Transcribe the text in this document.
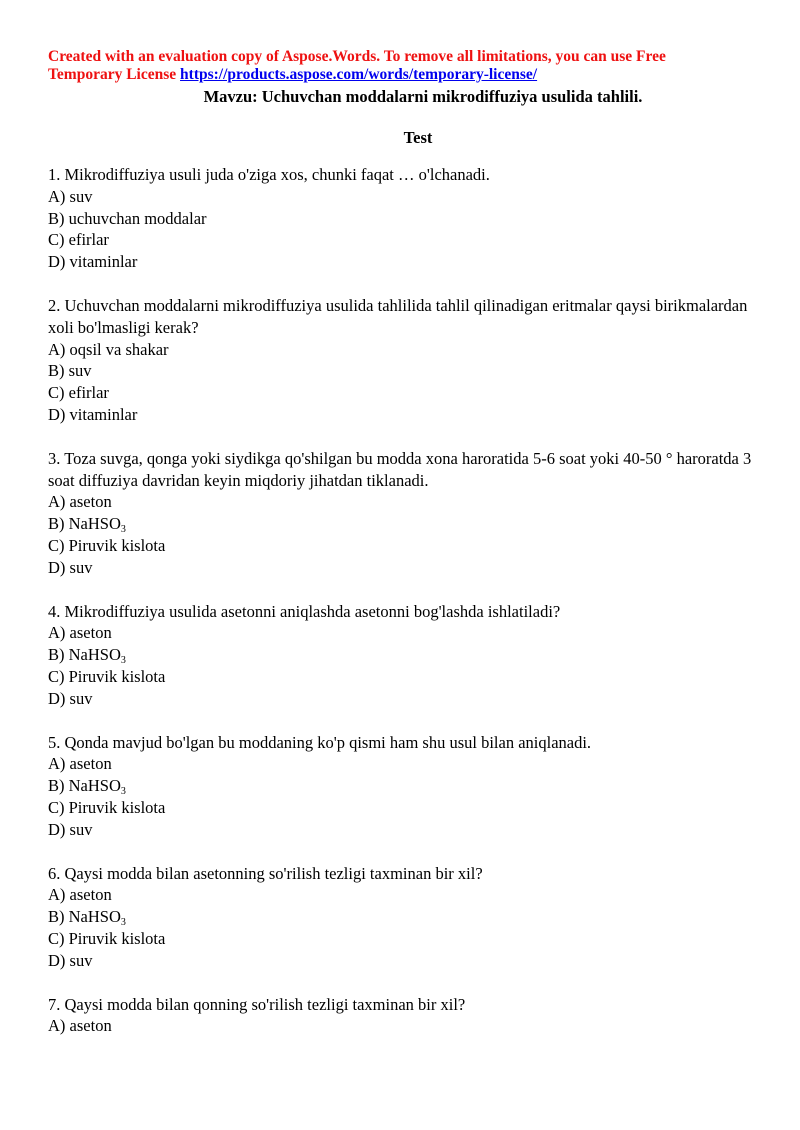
Created with an evaluation copy of Aspose.Words. To remove all limitations, you can use Free
Temporary License https://products.aspose.com/words/temporary-license/
Mavzu: Uchuvchan moddalarni mikrodiffuziya usulida tahlili.
Test
1. Mikrodiffuziya usuli juda o'ziga xos, chunki faqat … o'lchanadi.
A) suv
B) uchuvchan moddalar
C) efirlar
D) vitaminlar
2. Uchuvchan moddalarni mikrodiffuziya usulida tahlilida tahlil qilinadigan eritmalar qaysi birikmalardan xoli bo'lmasligi kerak?
A) oqsil va shakar
B) suv
C) efirlar
D) vitaminlar
3. Toza suvga, qonga yoki siydikga qo'shilgan bu modda xona haroratida 5-6 soat yoki 40-50 ° haroratda 3 soat diffuziya davridan keyin miqdoriy jihatdan tiklanadi.
A) aseton
B) NaHSO$_3$
C) Piruvik kislota
D) suv
4. Mikrodiffuziya usulida asetonni aniqlashda asetonni bog'lashda ishlatiladi?
A) aseton
B) NaHSO$_3$
C) Piruvik kislota
D) suv
5. Qonda mavjud bo'lgan bu moddaning ko'p qismi ham shu usul bilan aniqlanadi.
A) aseton
B) NaHSO$_3$
C) Piruvik kislota
D) suv
6. Qaysi modda bilan asetonning so'rilish tezligi taxminan bir xil?
A) aseton
B) NaHSO$_3$
C) Piruvik kislota
D) suv
7. Qaysi modda bilan qonning so'rilish tezligi taxminan bir xil?
A) aseton
